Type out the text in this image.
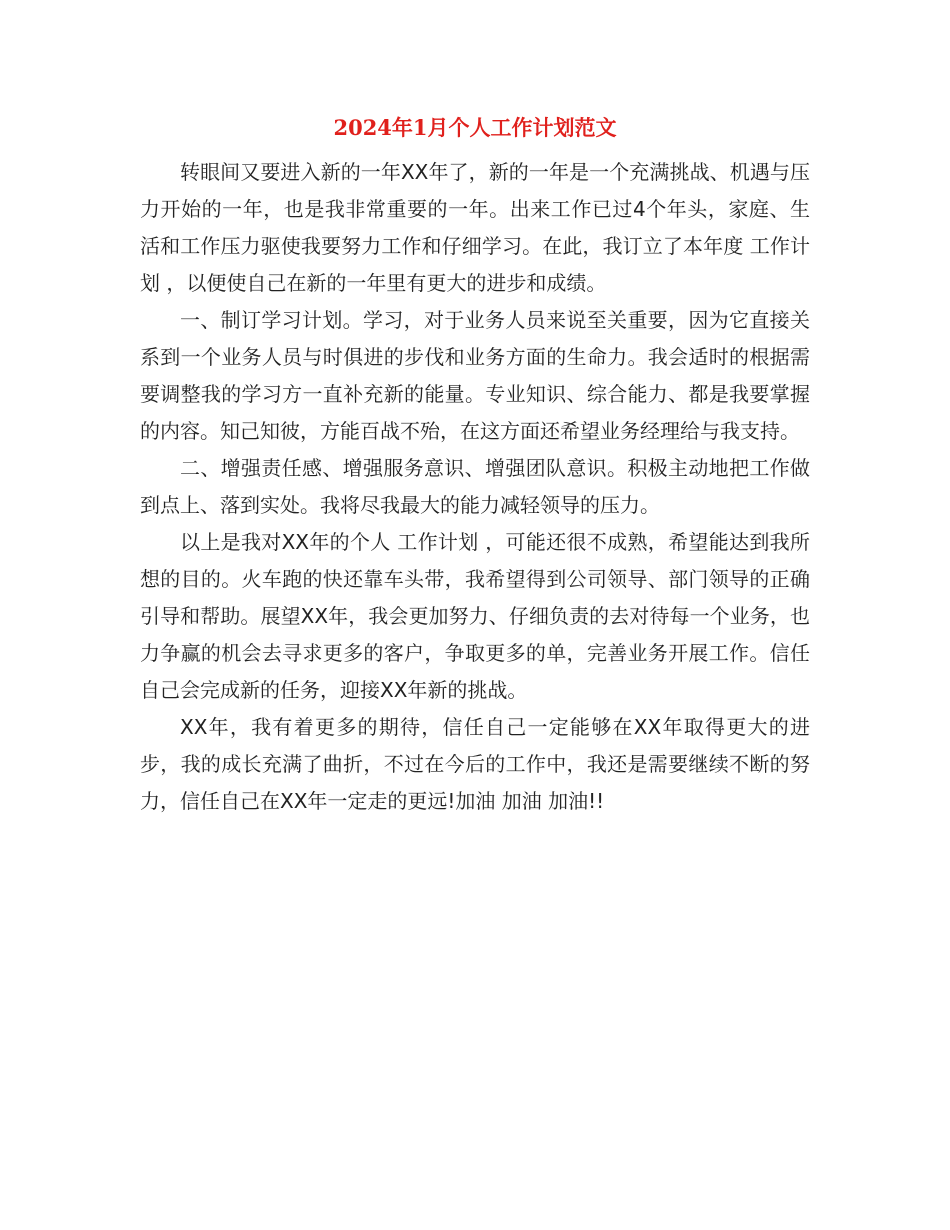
2024年1月个人工作计划范文

转眼间又要进入新的一年XX年了，新的一年是一个充满挑战、机遇与压力开始的一年，也是我非常重要的一年。出来工作已过4个年头，家庭、生活和工作压力驱使我要努力工作和仔细学习。在此，我订立了本年度 工作计划 ，以便使自己在新的一年里有更大的进步和成绩。

一、制订学习计划。学习，对于业务人员来说至关重要，因为它直接关系到一个业务人员与时俱进的步伐和业务方面的生命力。我会适时的根据需要调整我的学习方一直补充新的能量。专业知识、综合能力、都是我要掌握的内容。知己知彼，方能百战不殆，在这方面还希望业务经理给与我支持。

二、增强责任感、增强服务意识、增强团队意识。积极主动地把工作做到点上、落到实处。我将尽我最大的能力减轻领导的压力。

以上是我对XX年的个人 工作计划 ，可能还很不成熟，希望能达到我所想的目的。火车跑的快还靠车头带，我希望得到公司领导、部门领导的正确引导和帮助。展望XX年，我会更加努力、仔细负责的去对待每一个业务，也力争赢的机会去寻求更多的客户，争取更多的单，完善业务开展工作。信任自己会完成新的任务，迎接XX年新的挑战。

XX年，我有着更多的期待，信任自己一定能够在XX年取得更大的进步，我的成长充满了曲折，不过在今后的工作中，我还是需要继续不断的努力，信任自己在XX年一定走的更远!加油 加油 加油!!
